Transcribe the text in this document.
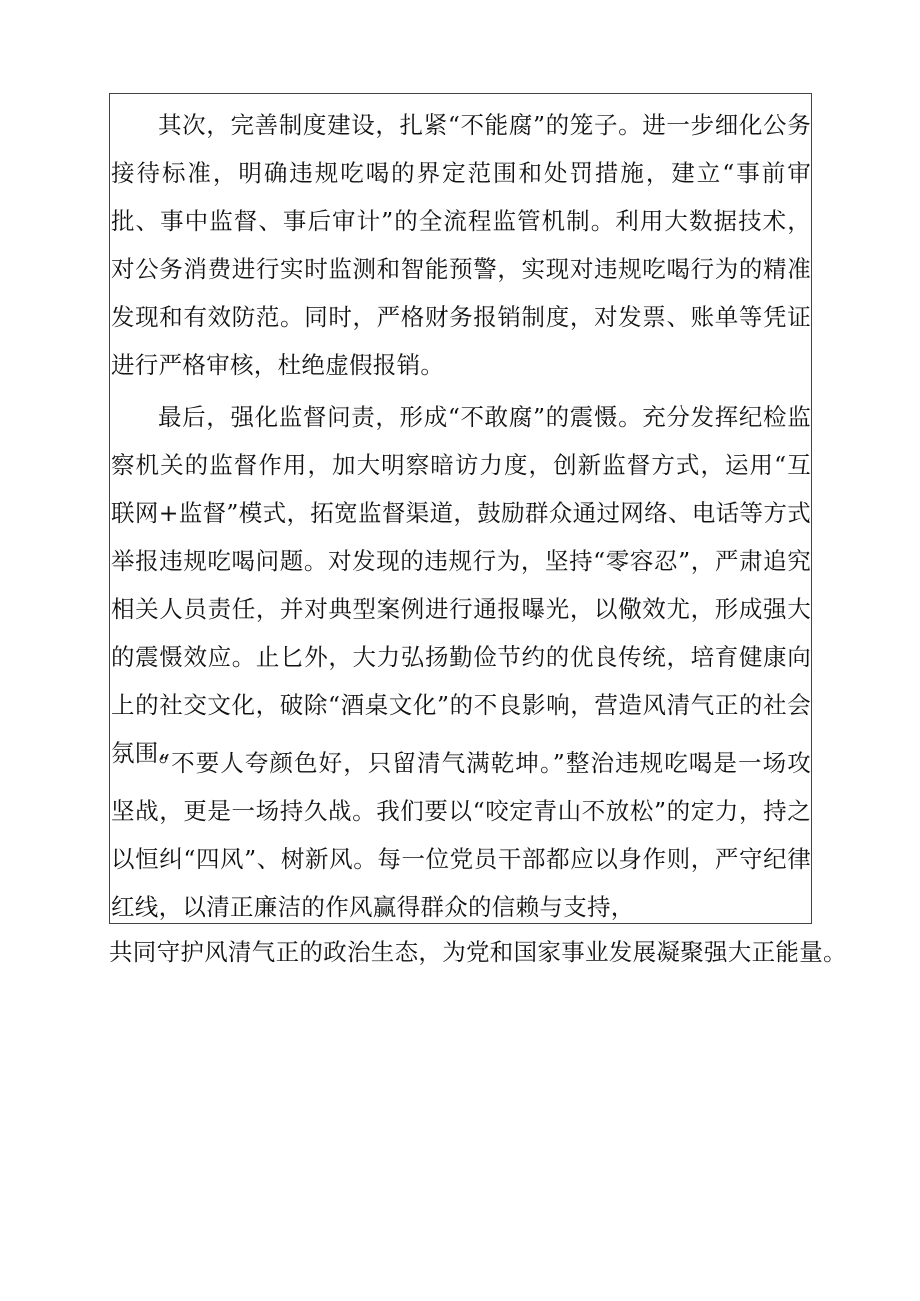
其次，完善制度建设，扎紧“不能腐”的笼子。进一步细化公务接待标准，明确违规吃喝的界定范围和处罚措施，建立“事前审批、事中监督、事后审计”的全流程监管机制。利用大数据技术，对公务消费进行实时监测和智能预警，实现对违规吃喝行为的精准发现和有效防范。同时，严格财务报销制度，对发票、账单等凭证进行严格审核，杜绝虚假报销。

最后，强化监督问责，形成“不敢腐”的震慑。充分发挥纪检监察机关的监督作用，加大明察暗访力度，创新监督方式，运用“互联网+监督”模式，拓宽监督渠道，鼓励群众通过网络、电话等方式举报违规吃喝问题。对发现的违规行为，坚持“零容忍”，严肃追究相关人员责任，并对典型案例进行通报曝光，以儆效尤，形成强大的震慑效应。止匕外，大力弘扬勤俭节约的优良传统，培育健康向上的社交文化，破除“酒桌文化”的不良影响，营造风清气正的社会氛围。

“不要人夸颜色好，只留清气满乾坤。”整治违规吃喝是一场攻坚战，更是一场持久战。我们要以“咬定青山不放松”的定力，持之以恒纠“四风”、树新风。每一位党员干部都应以身作则，严守纪律红线，以清正廉洁的作风赢得群众的信赖与支持，

共同守护风清气正的政治生态，为党和国家事业发展凝聚强大正能量。
